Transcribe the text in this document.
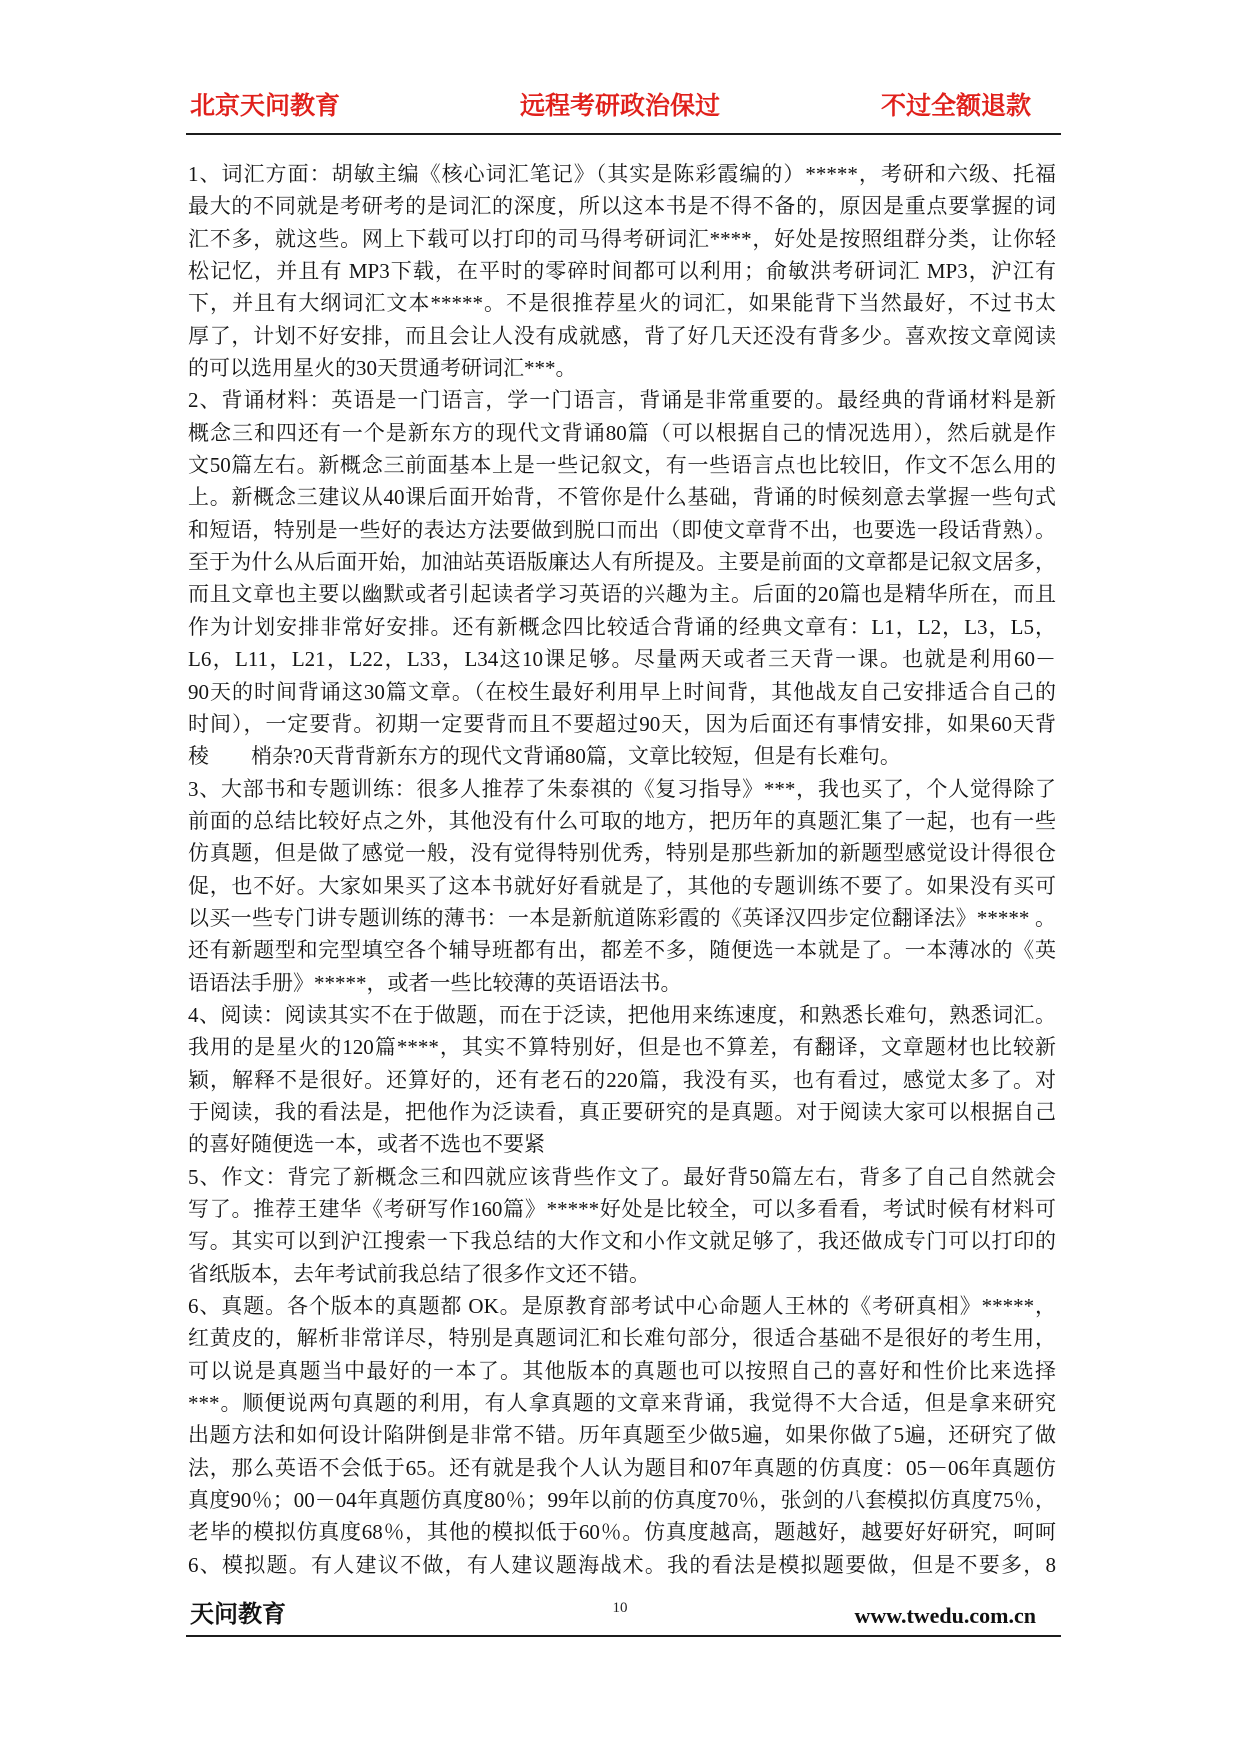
北京天问教育	远程考研政治保过	不过全额退款
1、词汇方面：胡敏主编《核心词汇笔记》（其实是陈彩霞编的）*****，考研和六级、托福
最大的不同就是考研考的是词汇的深度，所以这本书是不得不备的，原因是重点要掌握的词
汇不多，就这些。网上下载可以打印的司马得考研词汇****，好处是按照组群分类，让你轻
松记忆，并且有 MP3下载，在平时的零碎时间都可以利用；俞敏洪考研词汇 MP3，沪江有
下，并且有大纲词汇文本*****。不是很推荐星火的词汇，如果能背下当然最好，不过书太
厚了，计划不好安排，而且会让人没有成就感，背了好几天还没有背多少。喜欢按文章阅读
的可以选用星火的30天贯通考研词汇***。
2、背诵材料：英语是一门语言，学一门语言，背诵是非常重要的。最经典的背诵材料是新
概念三和四还有一个是新东方的现代文背诵80篇（可以根据自己的情况选用），然后就是作
文50篇左右。新概念三前面基本上是一些记叙文，有一些语言点也比较旧，作文不怎么用的
上。新概念三建议从40课后面开始背，不管你是什么基础，背诵的时候刻意去掌握一些句式
和短语，特别是一些好的表达方法要做到脱口而出（即使文章背不出，也要选一段话背熟）。
至于为什么从后面开始，加油站英语版廉达人有所提及。主要是前面的文章都是记叙文居多，
而且文章也主要以幽默或者引起读者学习英语的兴趣为主。后面的20篇也是精华所在，而且
作为计划安排非常好安排。还有新概念四比较适合背诵的经典文章有：L1，L2，L3，L5，
L6，L11，L21，L22，L33，L34这10课足够。尽量两天或者三天背一课。也就是利用60－
90天的时间背诵这30篇文章。（在校生最好利用早上时间背，其他战友自己安排适合自己的
时间），一定要背。初期一定要背而且不要超过90天，因为后面还有事情安排，如果60天背
稜　　梢杂?0天背背新东方的现代文背诵80篇，文章比较短，但是有长难句。
3、大部书和专题训练：很多人推荐了朱泰祺的《复习指导》***，我也买了，个人觉得除了
前面的总结比较好点之外，其他没有什么可取的地方，把历年的真题汇集了一起，也有一些
仿真题，但是做了感觉一般，没有觉得特别优秀，特别是那些新加的新题型感觉设计得很仓
促，也不好。大家如果买了这本书就好好看就是了，其他的专题训练不要了。如果没有买可
以买一些专门讲专题训练的薄书：一本是新航道陈彩霞的《英译汉四步定位翻译法》***** 。
还有新题型和完型填空各个辅导班都有出，都差不多，随便选一本就是了。一本薄冰的《英
语语法手册》*****，或者一些比较薄的英语语法书。
4、阅读：阅读其实不在于做题，而在于泛读，把他用来练速度，和熟悉长难句，熟悉词汇。
我用的是星火的120篇****，其实不算特别好，但是也不算差，有翻译，文章题材也比较新
颖，解释不是很好。还算好的，还有老石的220篇，我没有买，也有看过，感觉太多了。对
于阅读，我的看法是，把他作为泛读看，真正要研究的是真题。对于阅读大家可以根据自己
的喜好随便选一本，或者不选也不要紧
5、作文：背完了新概念三和四就应该背些作文了。最好背50篇左右，背多了自己自然就会
写了。推荐王建华《考研写作160篇》*****好处是比较全，可以多看看，考试时候有材料可
写。其实可以到沪江搜索一下我总结的大作文和小作文就足够了，我还做成专门可以打印的
省纸版本，去年考试前我总结了很多作文还不错。
6、真题。各个版本的真题都 OK。是原教育部考试中心命题人王林的《考研真相》*****，
红黄皮的，解析非常详尽，特别是真题词汇和长难句部分，很适合基础不是很好的考生用，
可以说是真题当中最好的一本了。其他版本的真题也可以按照自己的喜好和性价比来选择
***。顺便说两句真题的利用，有人拿真题的文章来背诵，我觉得不大合适，但是拿来研究
出题方法和如何设计陷阱倒是非常不错。历年真题至少做5遍，如果你做了5遍，还研究了做
法，那么英语不会低于65。还有就是我个人认为题目和07年真题的仿真度：05－06年真题仿
真度90％；00－04年真题仿真度80％；99年以前的仿真度70％，张剑的八套模拟仿真度75％，
老毕的模拟仿真度68％，其他的模拟低于60％。仿真度越高，题越好，越要好好研究，呵呵
6、模拟题。有人建议不做，有人建议题海战术。我的看法是模拟题要做，但是不要多，8
天问教育	10	www.twedu.com.cn
